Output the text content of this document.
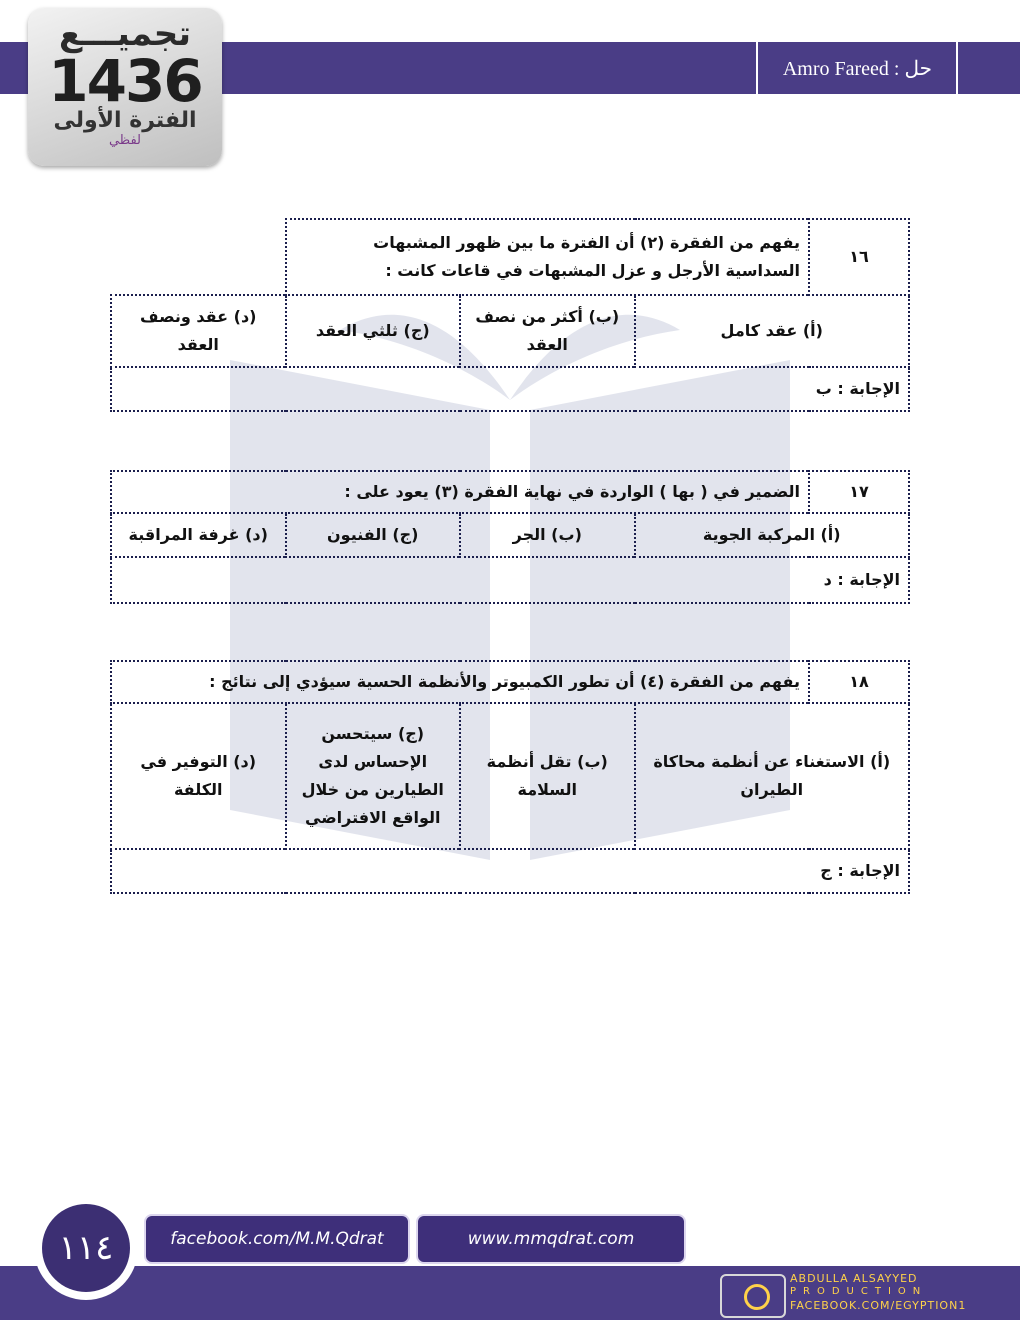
حل : Amro Fareed
تجميـــع
1436
الفترة الأولى
لفظي
١٦	يفهم من الفقرة (٢) أن الفترة ما بين ظهور المشبهات السداسية الأرجل و عزل المشبهات في قاعات كانت :			
(أ) عقد كامل		(ب) أكثر من نصف العقد	(ج) ثلثي العقد	(د) عقد ونصف العقد
الإجابة : ب				
١٧	الضمير في ( بها ) الواردة في نهاية الفقرة (٣) يعود على :			
(أ) المركبة الجوية		(ب) الجر	(ج) الفنيون	(د) غرفة المراقبة
الإجابة : د				
١٨	يفهم من الفقرة (٤) أن تطور الكمبيوتر والأنظمة الحسية سيؤدي إلى نتائج :			
(أ) الاستغناء عن أنظمة محاكاة الطيران		(ب) تقل أنظمة السلامة	(ج) سيتحسن الإحساس لدى الطيارين من خلال الواقع الافتراضي	(د) التوفير في الكلفة
الإجابة : ج				
١١٤	facebook.com/M.M.Qdrat	www.mmqdrat.com
ABDULLA ALSAYYED
PRODUCTION
FACEBOOK.COM/EGYPTION1
